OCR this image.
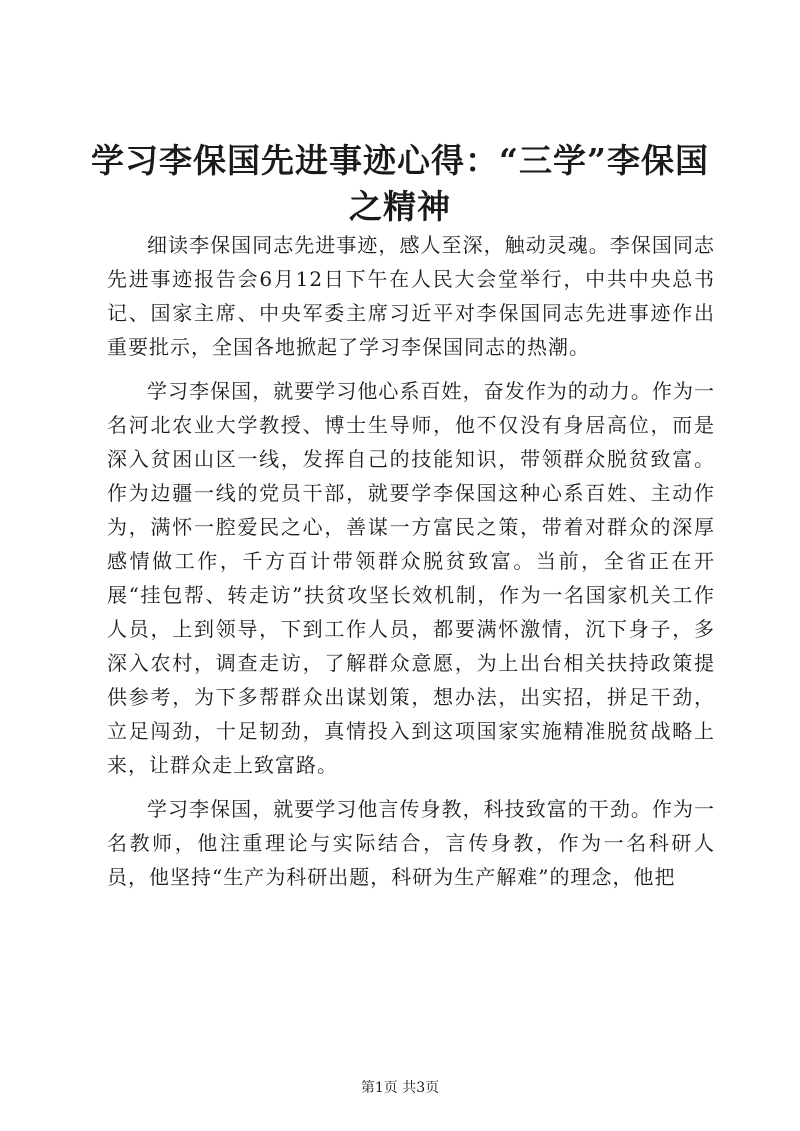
学习李保国先进事迹心得：“三学”李保国之精神

细读李保国同志先进事迹，感人至深，触动灵魂。李保国同志先进事迹报告会6月12日下午在人民大会堂举行，中共中央总书记、国家主席、中央军委主席习近平对李保国同志先进事迹作出重要批示，全国各地掀起了学习李保国同志的热潮。

学习李保国，就要学习他心系百姓，奋发作为的动力。作为一名河北农业大学教授、博士生导师，他不仅没有身居高位，而是深入贫困山区一线，发挥自己的技能知识，带领群众脱贫致富。作为边疆一线的党员干部，就要学李保国这种心系百姓、主动作为，满怀一腔爱民之心，善谋一方富民之策，带着对群众的深厚感情做工作，千方百计带领群众脱贫致富。当前，全省正在开展“挂包帮、转走访”扶贫攻坚长效机制，作为一名国家机关工作人员，上到领导，下到工作人员，都要满怀激情，沉下身子，多深入农村，调查走访，了解群众意愿，为上出台相关扶持政策提供参考，为下多帮群众出谋划策，想办法，出实招，拼足干劲，立足闯劲，十足韧劲，真情投入到这项国家实施精准脱贫战略上来，让群众走上致富路。

学习李保国，就要学习他言传身教，科技致富的干劲。作为一名教师，他注重理论与实际结合，言传身教，作为一名科研人员，他坚持“生产为科研出题，科研为生产解难”的理念，他把

第1页 共3页
